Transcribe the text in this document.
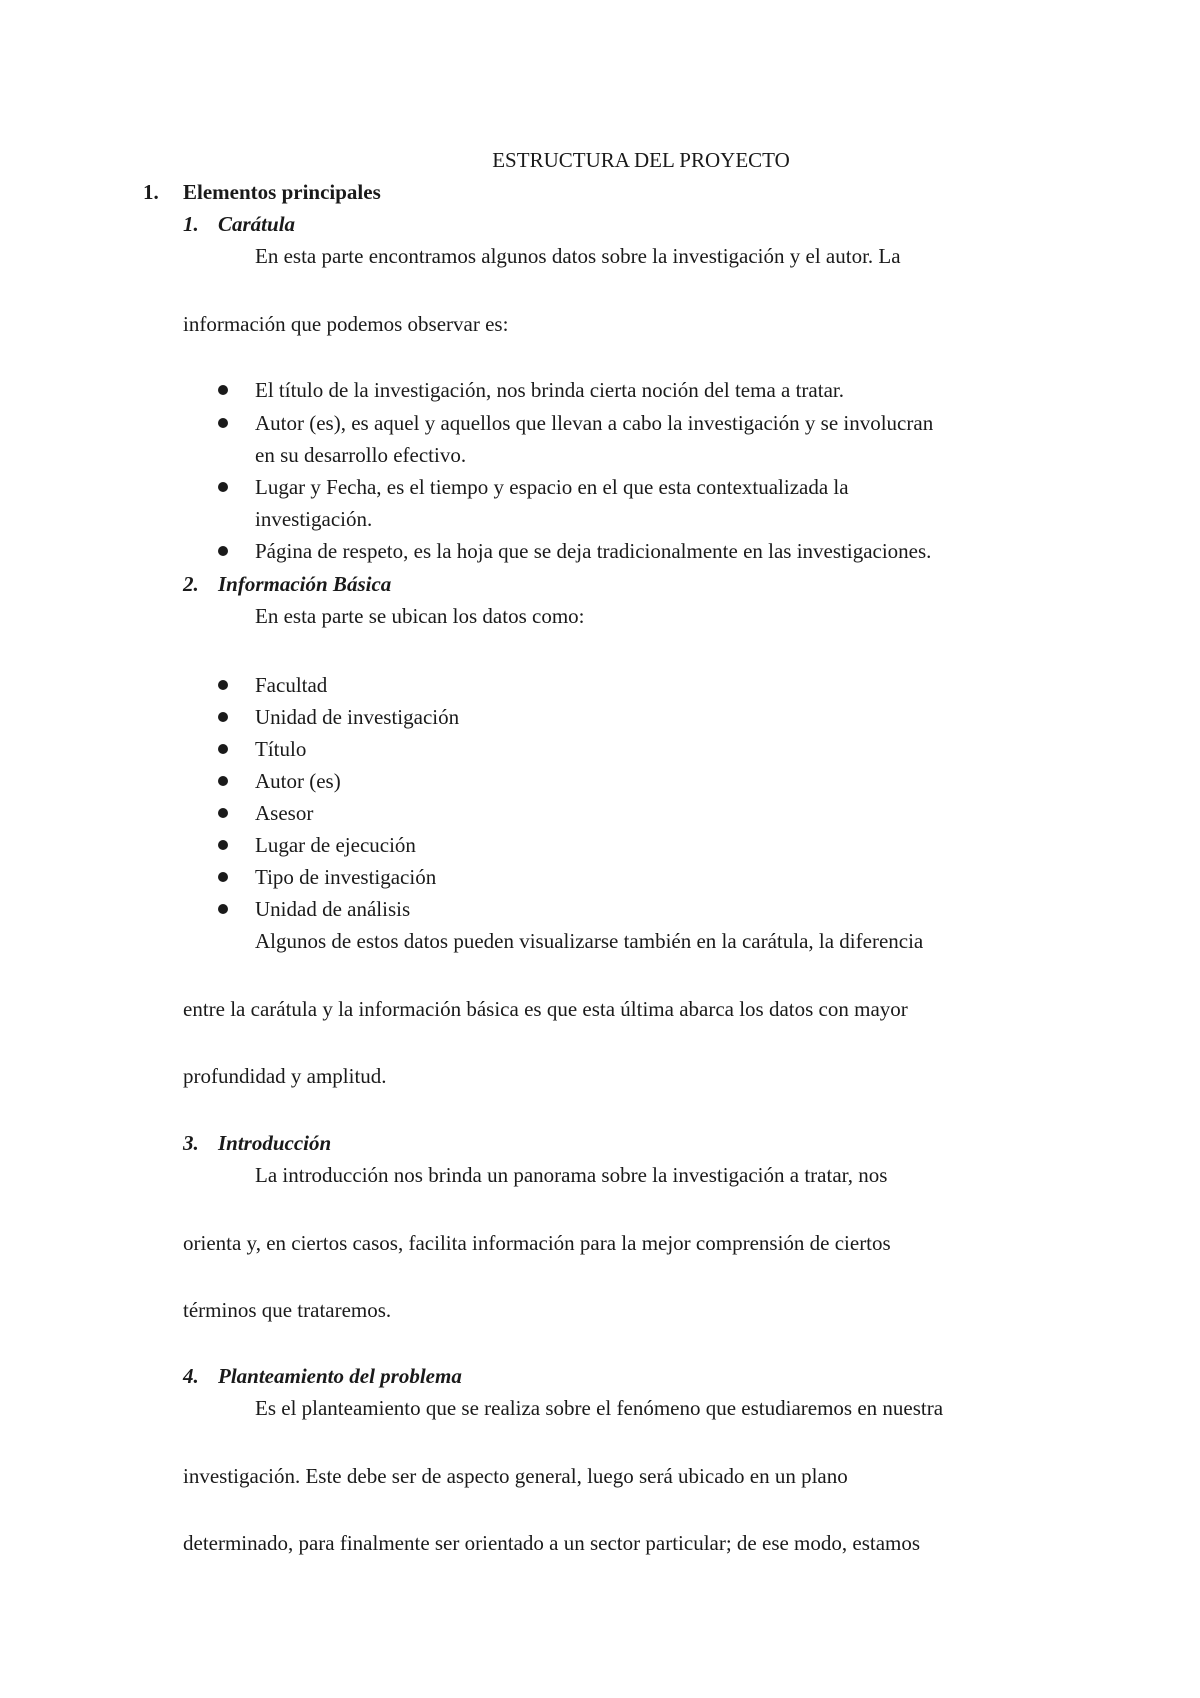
ESTRUCTURA DEL PROYECTO
1. Elementos principales
1. Carátula
En esta parte encontramos algunos datos sobre la investigación y el autor. La
información que podemos observar es:
El título de la investigación, nos brinda cierta noción del tema a tratar.
Autor (es), es aquel y aquellos que llevan a cabo la investigación y se involucran
en su desarrollo efectivo.
Lugar y Fecha, es el tiempo y espacio en el que esta contextualizada la
investigación.
Página de respeto, es la hoja que se deja tradicionalmente en las investigaciones.
2. Información Básica
En esta parte se ubican los datos como:
Facultad
Unidad de investigación
Título
Autor (es)
Asesor
Lugar de ejecución
Tipo de investigación
Unidad de análisis
Algunos de estos datos pueden visualizarse también en la carátula, la diferencia
entre la carátula y la información básica es que esta última abarca los datos con mayor
profundidad y amplitud.
3. Introducción
La introducción nos brinda un panorama sobre la investigación a tratar, nos
orienta y, en ciertos casos, facilita información para la mejor comprensión de ciertos
términos que trataremos.
4. Planteamiento del problema
Es el planteamiento que se realiza sobre el fenómeno que estudiaremos en nuestra
investigación. Este debe ser de aspecto general, luego será ubicado en un plano
determinado, para finalmente ser orientado a un sector particular; de ese modo, estamos
